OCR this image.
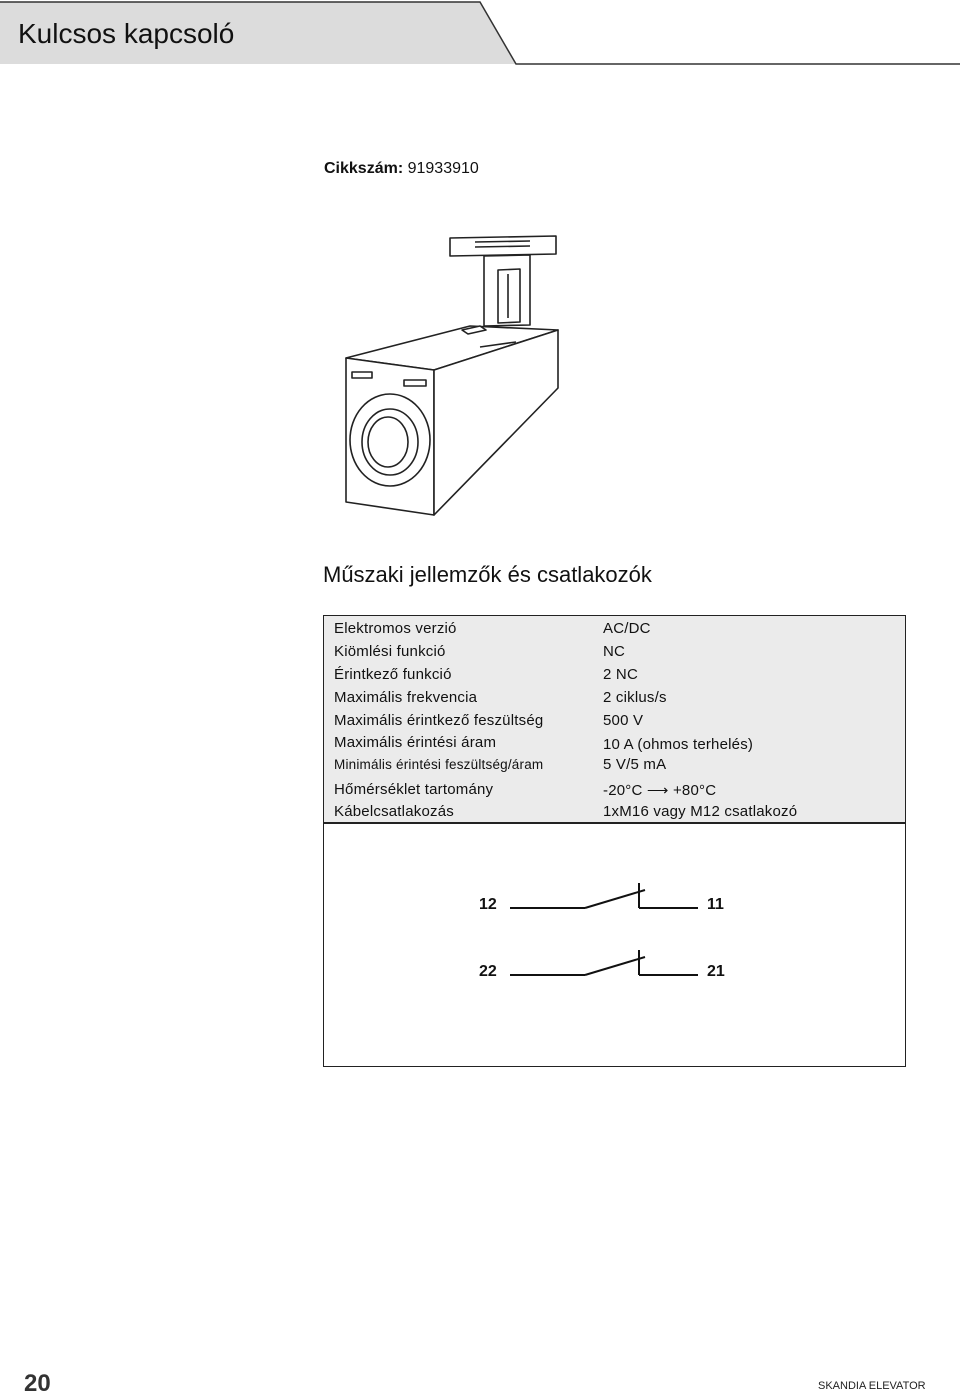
Kulcsos kapcsoló
Cikkszám: 91933910
Műszaki jellemzők és csatlakozók
Elektromos verzió	AC/DC
Kiömlési funkció	NC
Érintkező funkció	2 NC
Maximális frekvencia	2 ciklus/s
Maximális érintkező feszültség	500 V
Maximális érintési áram	10 A (ohmos terhelés)
Minimális érintési feszültség/áram	5 V/5 mA
Hőmérséklet tartomány	-20°C ⟶ +80°C
Kábelcsatlakozás	1xM16 vagy M12 csatlakozó
12	11
22	21
20	SKANDIA ELEVATOR
